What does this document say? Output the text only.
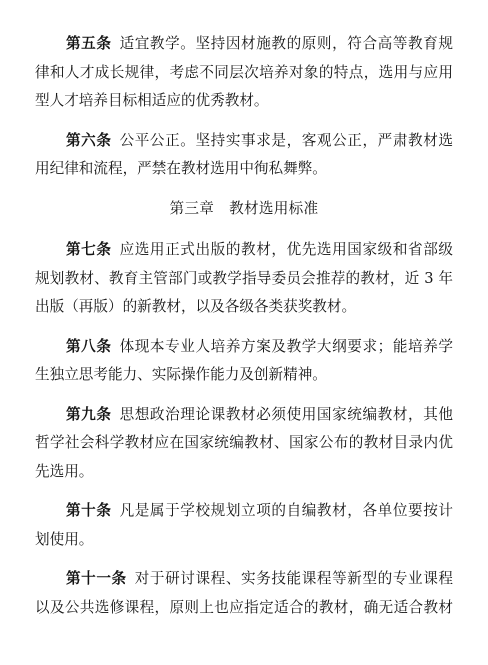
第五条 适宜教学。坚持因材施教的原则，符合高等教育规
律和人才成长规律，考虑不同层次培养对象的特点，选用与应用
型人才培养目标相适应的优秀教材。
第六条 公平公正。坚持实事求是，客观公正，严肃教材选
用纪律和流程，严禁在教材选用中徇私舞弊。
第三章　教材选用标准
第七条 应选用正式出版的教材，优先选用国家级和省部级
规划教材、教育主管部门或教学指导委员会推荐的教材，近 3 年
出版（再版）的新教材，以及各级各类获奖教材。
第八条 体现本专业人培养方案及教学大纲要求；能培养学
生独立思考能力、实际操作能力及创新精神。
第九条 思想政治理论课教材必须使用国家统编教材，其他
哲学社会科学教材应在国家统编教材、国家公布的教材目录内优
先选用。
第十条 凡是属于学校规划立项的自编教材，各单位要按计
划使用。
第十一条 对于研讨课程、实务技能课程等新型的专业课程
以及公共选修课程，原则上也应指定适合的教材，确无适合教材
